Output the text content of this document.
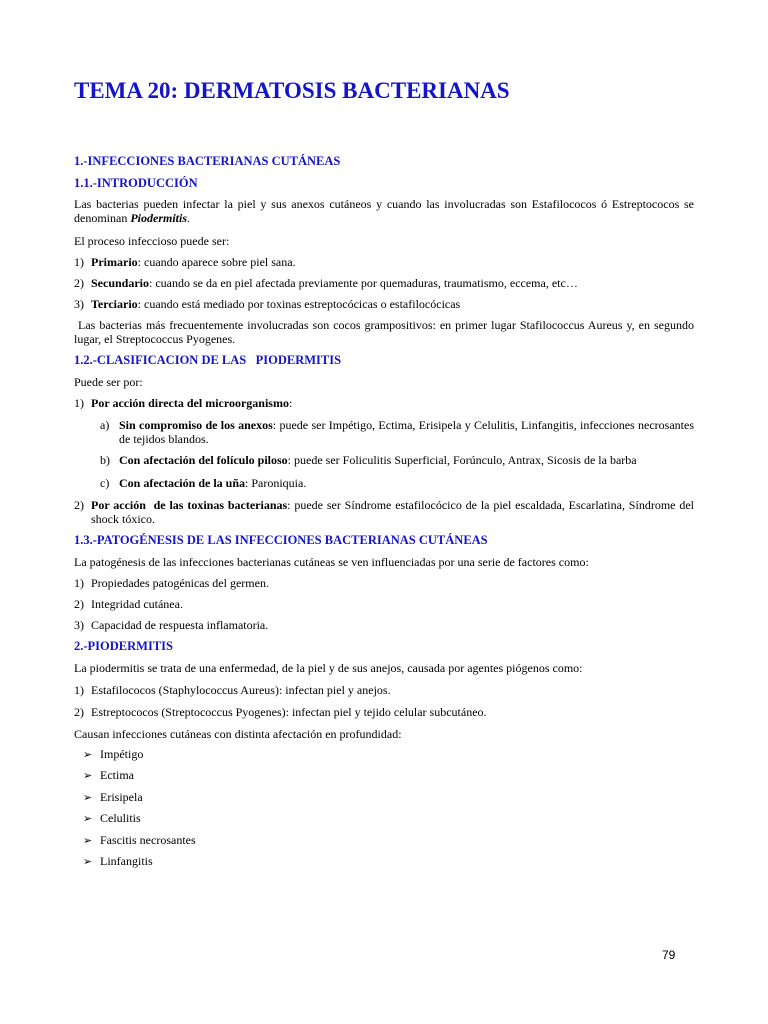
TEMA 20: DERMATOSIS BACTERIANAS
1.-INFECCIONES BACTERIANAS CUTÁNEAS
1.1.-INTRODUCCIÓN
Las bacterias pueden infectar la piel y sus anexos cutáneos y cuando las involucradas son Estafilococos ó Estreptococos se denominan Piodermitis.
El proceso infeccioso puede ser:
1) Primario: cuando aparece sobre piel sana.
2) Secundario: cuando se da en piel afectada previamente por quemaduras, traumatismo, eccema, etc…
3) Terciario: cuando está mediado por toxinas estreptocócicas o estafilocócicas
Las bacterias más frecuentemente involucradas son cocos grampositivos: en primer lugar Stafilococcus Aureus y, en segundo lugar, el Streptococcus Pyogenes.
1.2.-CLASIFICACION DE LAS   PIODERMITIS
Puede ser por:
1) Por acción directa del microorganismo:
a) Sin compromiso de los anexos: puede ser Impétigo, Ectima, Erisipela y Celulitis, Linfangitis, infecciones necrosantes de tejidos blandos.
b) Con afectación del folículo piloso: puede ser Foliculitis Superficial, Forúnculo, Antrax, Sicosis de la barba
c) Con afectación de la uña: Paroniquia.
2) Por acción  de las toxinas bacterianas: puede ser Síndrome estafilocócico de la piel escaldada, Escarlatina, Síndrome del shock tóxico.
1.3.-PATOGÉNESIS DE LAS INFECCIONES BACTERIANAS CUTÁNEAS
La patogénesis de las infecciones bacterianas cutáneas se ven influenciadas por una serie de factores como:
1) Propiedades patogénicas del germen.
2) Integridad cutánea.
3) Capacidad de respuesta inflamatoria.
2.-PIODERMITIS
La piodermitis se trata de una enfermedad, de la piel y de sus anejos, causada por agentes piógenos como:
1) Estafilococos (Staphylococcus Aureus): infectan piel y anejos.
2) Estreptococos (Streptococcus Pyogenes): infectan piel y tejido celular subcutáneo.
Causan infecciones cutáneas con distinta afectación en profundidad:
➢ Impétigo
➢ Ectima
➢ Erisipela
➢ Celulitis
➢ Fascitis necrosantes
➢ Linfangitis
79
